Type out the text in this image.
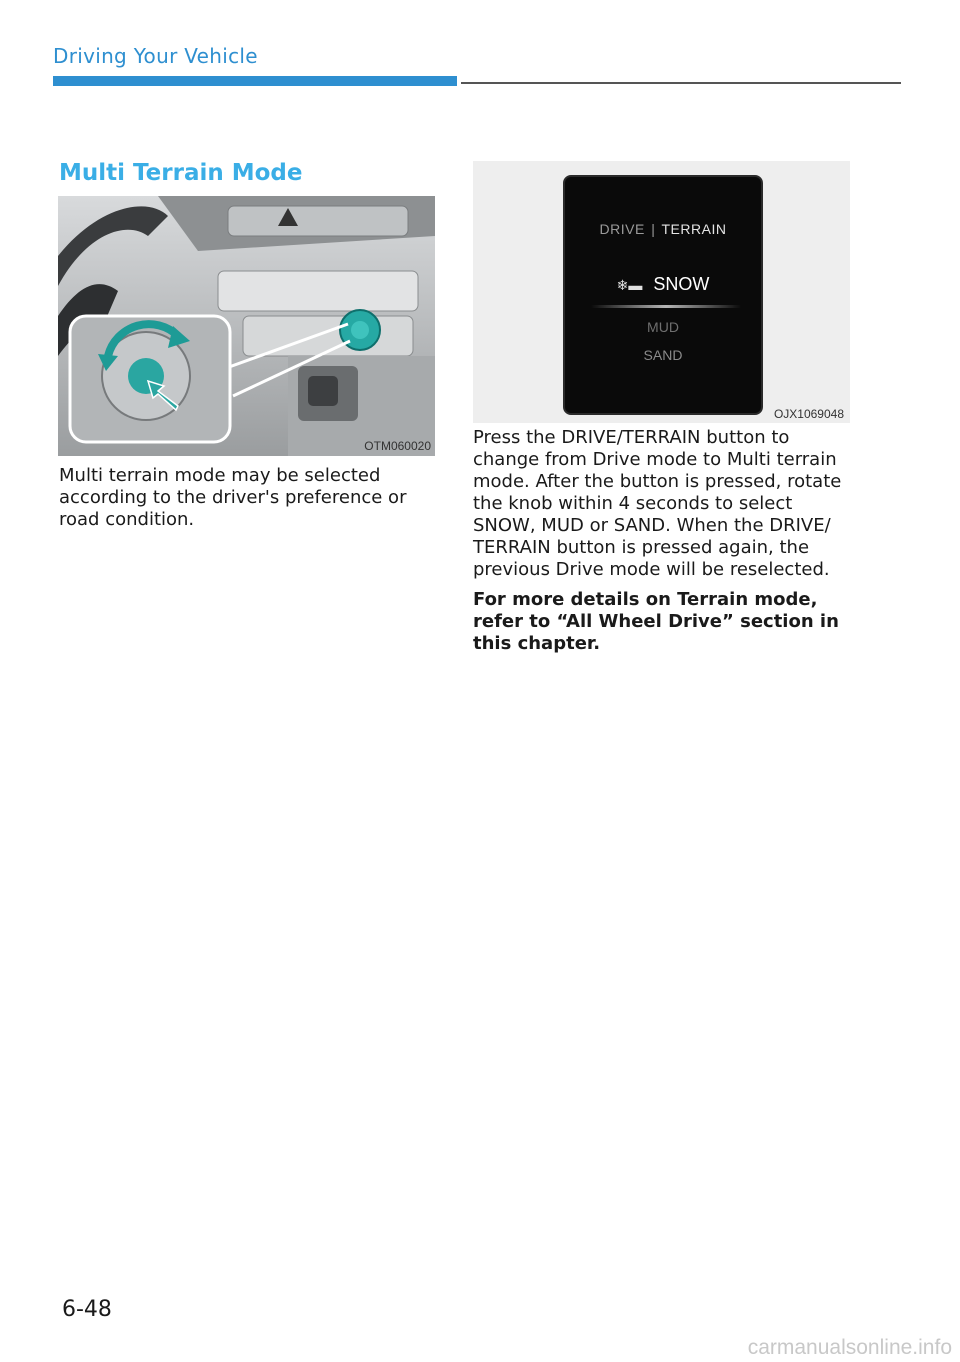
Driving Your Vehicle
Multi Terrain Mode
OTM060020
DRIVE | TERRAIN
❄▬ SNOW
MUD
SAND
OJX1069048

Multi terrain mode may be selected according to the driver's preference or road condition.

Press the DRIVE/TERRAIN button to change from Drive mode to Multi terrain mode. After the button is pressed, rotate the knob within 4 seconds to select SNOW, MUD or SAND. When the DRIVE/ TERRAIN button is pressed again, the previous Drive mode will be reselected.

For more details on Terrain mode, refer to “All Wheel Drive” section in this chapter.

6-48
carmanualsonline.info
